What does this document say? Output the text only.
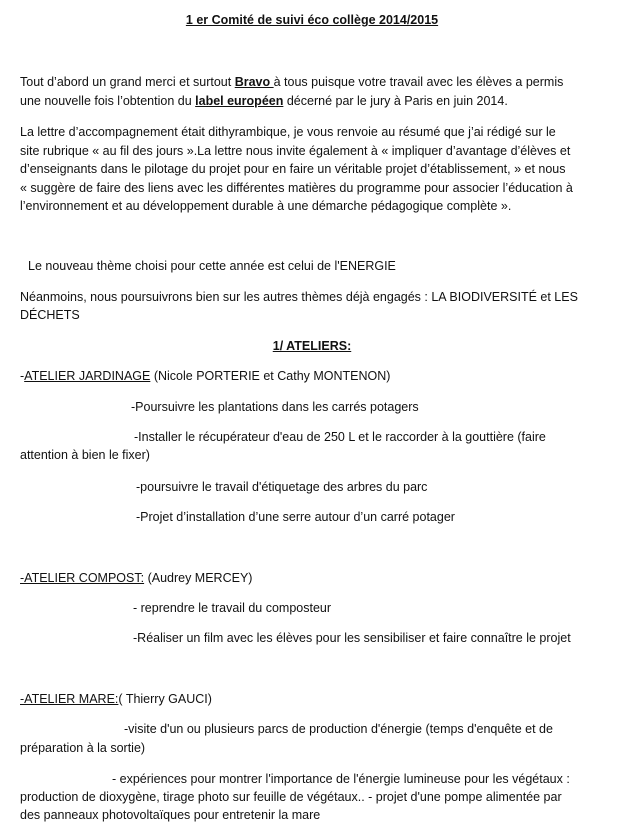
1 er Comité de suivi éco collège 2014/2015
Tout d’abord un grand merci et surtout Bravo à tous puisque votre travail avec les élèves a permis
une nouvelle fois l’obtention du label européen décerné par le jury à Paris en juin 2014.
La lettre d’accompagnement était dithyrambique, je vous renvoie au résumé que j’ai rédigé sur le
site rubrique « au fil des jours ».La lettre nous invite également à « impliquer d’avantage d’élèves et
d’enseignants dans le pilotage du projet pour en faire un véritable projet d’établissement, » et nous
« suggère de faire des liens avec les différentes matières du programme pour associer l’éducation à
l’environnement et au développement durable à une démarche pédagogique complète ».
Le nouveau thème choisi pour cette année est celui de l'ENERGIE
Néanmoins, nous poursuivrons bien sur les autres thèmes déjà engagés : LA BIODIVERSITÉ et LES
DÉCHETS
1/ ATELIERS:
-ATELIER JARDINAGE (Nicole PORTERIE et Cathy MONTENON)
-Poursuivre les plantations dans les carrés potagers
-Installer le récupérateur d'eau de 250 L et le raccorder à la gouttière (faire
attention à bien le fixer)
-poursuivre le travail d'étiquetage des arbres du parc
-Projet d’installation d’une serre autour d’un carré potager
-ATELIER COMPOST: (Audrey MERCEY)
- reprendre le travail du composteur
-Réaliser un film avec les élèves pour les sensibiliser et faire connaître le projet
-ATELIER MARE:( Thierry GAUCI)
-visite d'un ou plusieurs parcs de production d'énergie (temps d'enquête et de
préparation à la sortie)
- expériences pour montrer l'importance de l'énergie lumineuse pour les végétaux :
production de dioxygène, tirage photo sur feuille de végétaux.. - projet d'une pompe alimentée par
des panneaux photovoltaïques pour entretenir la mare
